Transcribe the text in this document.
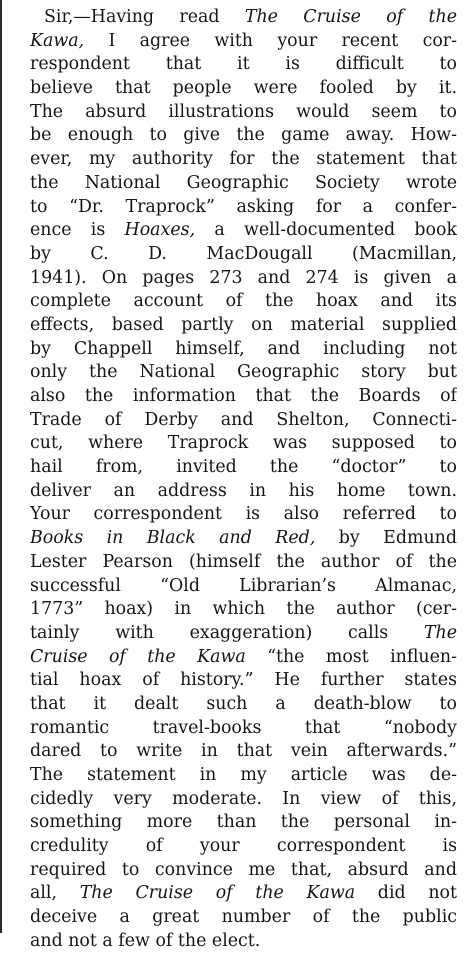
Sir,—Having read The Cruise of the
Kawa, I agree with your recent cor-
respondent that it is difficult to
believe that people were fooled by it.
The absurd illustrations would seem to
be enough to give the game away. How-
ever, my authority for the statement that
the National Geographic Society wrote
to “Dr. Traprock” asking for a confer-
ence is Hoaxes, a well-documented book
by C. D. MacDougall (Macmillan,
1941). On pages 273 and 274 is given a
complete account of the hoax and its
effects, based partly on material supplied
by Chappell himself, and including not
only the National Geographic story but
also the information that the Boards of
Trade of Derby and Shelton, Connecti-
cut, where Traprock was supposed to
hail from, invited the “doctor” to
deliver an address in his home town.
Your correspondent is also referred to
Books in Black and Red, by Edmund
Lester Pearson (himself the author of the
successful “Old Librarian’s Almanac,
1773” hoax) in which the author (cer-
tainly with exaggeration) calls The
Cruise of the Kawa “the most influen-
tial hoax of history.” He further states
that it dealt such a death-blow to
romantic travel-books that “nobody
dared to write in that vein afterwards.”
The statement in my article was de-
cidedly very moderate. In view of this,
something more than the personal in-
credulity of your correspondent is
required to convince me that, absurd and
all, The Cruise of the Kawa did not
deceive a great number of the public
and not a few of the elect.
